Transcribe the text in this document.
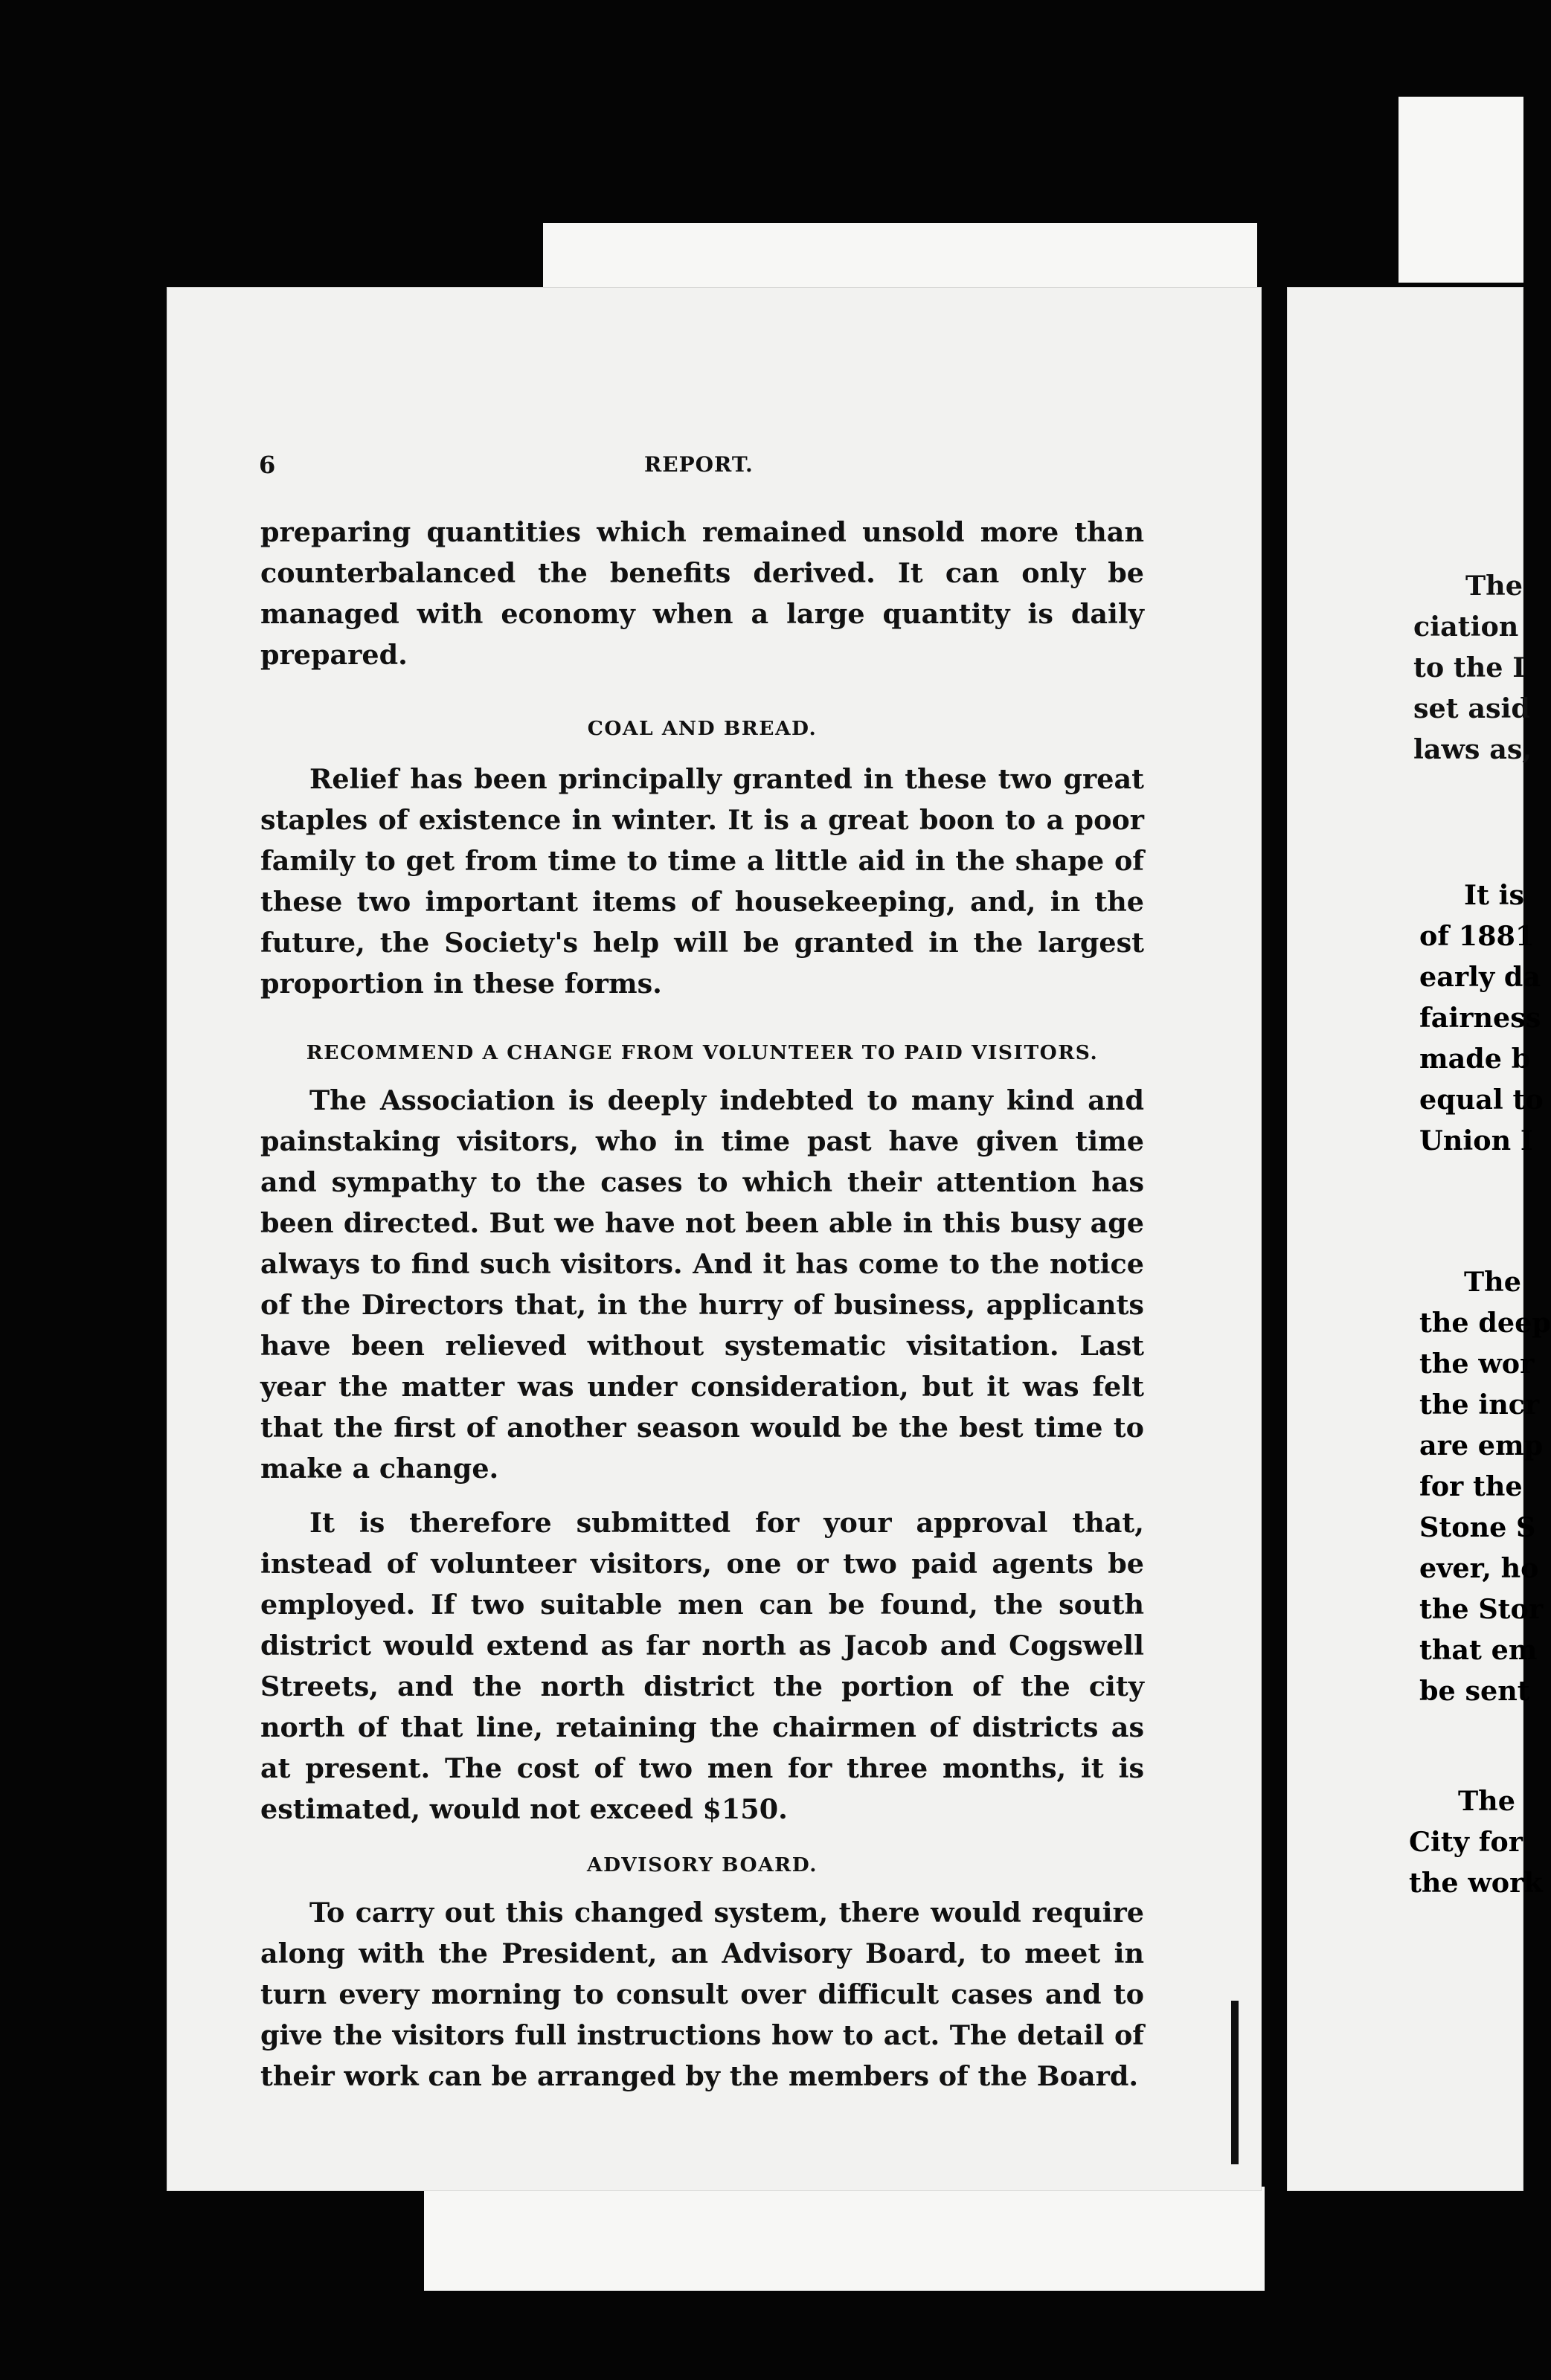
6	REPORT.

preparing quantities which remained unsold more than counterbalanced the benefits derived. It can only be managed with economy when a large quantity is daily prepared.

COAL AND BREAD.

Relief has been principally granted in these two great staples of existence in winter. It is a great boon to a poor family to get from time to time a little aid in the shape of these two important items of housekeeping, and, in the future, the Society's help will be granted in the largest proportion in these forms.

RECOMMEND A CHANGE FROM VOLUNTEER TO PAID VISITORS.

The Association is deeply indebted to many kind and painstaking visitors, who in time past have given time and sympathy to the cases to which their attention has been directed. But we have not been able in this busy age always to find such visitors. And it has come to the notice of the Directors that, in the hurry of business, applicants have been relieved without systematic visitation. Last year the matter was under consideration, but it was felt that the first of another season would be the best time to make a change.

It is therefore submitted for your approval that, instead of volunteer visitors, one or two paid agents be employed. If two suitable men can be found, the south district would extend as far north as Jacob and Cogswell Streets, and the north district the portion of the city north of that line, retaining the chairmen of districts as at present. The cost of two men for three months, it is estimated, would not exceed $150.

ADVISORY BOARD.

To carry out this changed system, there would require along with the President, an Advisory Board, to meet in turn every morning to consult over difficult cases and to give the visitors full instructions how to act. The detail of their work can be arranged by the members of the Board.

The
ciation
to the I
set asid
laws as,
It is
of 1881
early da
fairness
made b
equal to
Union I
The
the deep
the wor
the incr
are emp
for the
Stone S
ever, ho
the Stor
that em
be sent
The
City for
the work
